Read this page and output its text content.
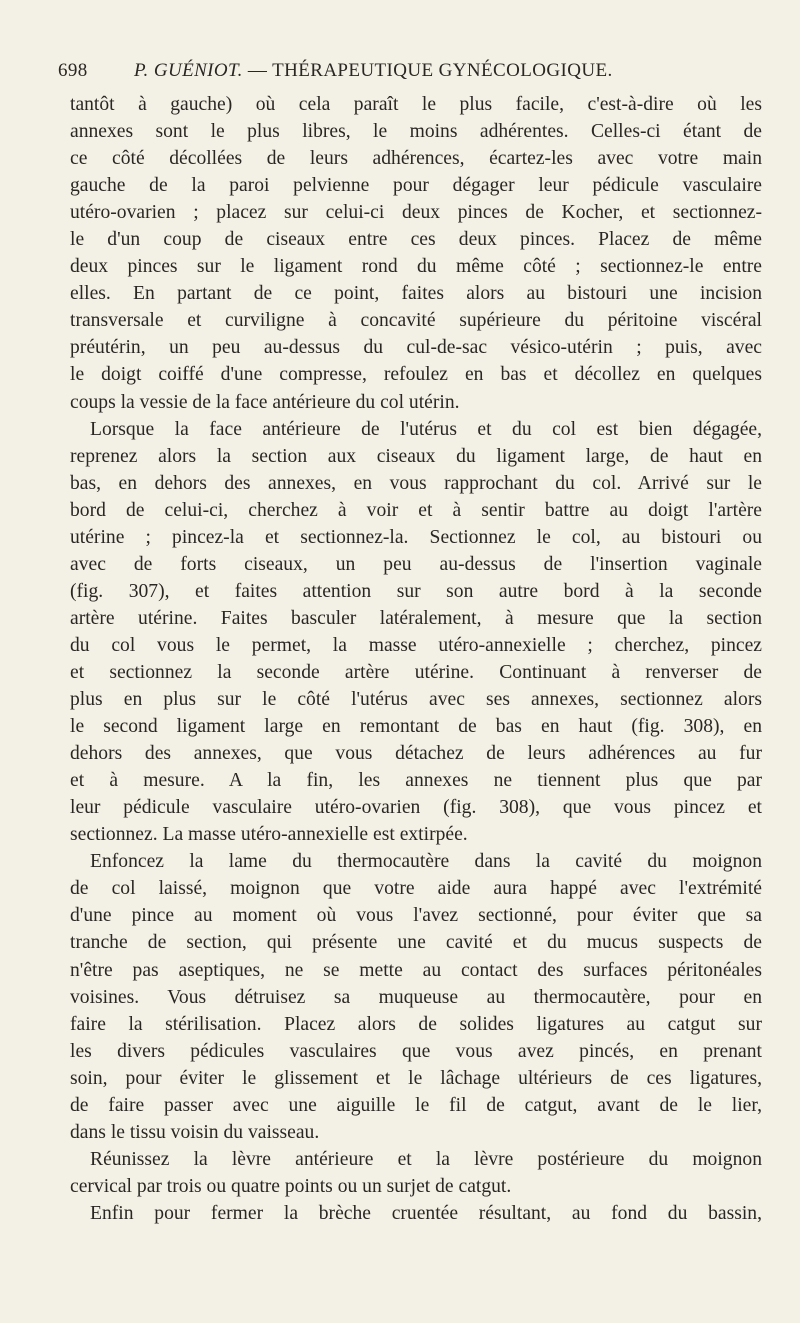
698 P. GUÉNIOT. — THÉRAPEUTIQUE GYNÉCOLOGIQUE.

tantôt à gauche) où cela paraît le plus facile, c'est-à-dire où les

annexes sont le plus libres, le moins adhérentes. Celles-ci étant de

ce côté décollées de leurs adhérences, écartez-les avec votre main

gauche de la paroi pelvienne pour dégager leur pédicule vasculaire

utéro-ovarien ; placez sur celui-ci deux pinces de Kocher, et sectionnez-

le d'un coup de ciseaux entre ces deux pinces. Placez de même

deux pinces sur le ligament rond du même côté ; sectionnez-le entre

elles. En partant de ce point, faites alors au bistouri une incision

transversale et curviligne à concavité supérieure du péritoine viscéral

préutérin, un peu au-dessus du cul-de-sac vésico-utérin ; puis, avec

le doigt coiffé d'une compresse, refoulez en bas et décollez en quelques

coups la vessie de la face antérieure du col utérin.

Lorsque la face antérieure de l'utérus et du col est bien dégagée,

reprenez alors la section aux ciseaux du ligament large, de haut en

bas, en dehors des annexes, en vous rapprochant du col. Arrivé sur le

bord de celui-ci, cherchez à voir et à sentir battre au doigt l'artère

utérine ; pincez-la et sectionnez-la. Sectionnez le col, au bistouri ou

avec de forts ciseaux, un peu au-dessus de l'insertion vaginale

(fig. 307), et faites attention sur son autre bord à la seconde

artère utérine. Faites basculer latéralement, à mesure que la section

du col vous le permet, la masse utéro-annexielle ; cherchez, pincez

et sectionnez la seconde artère utérine. Continuant à renverser de

plus en plus sur le côté l'utérus avec ses annexes, sectionnez alors

le second ligament large en remontant de bas en haut (fig. 308), en

dehors des annexes, que vous détachez de leurs adhérences au fur

et à mesure. A la fin, les annexes ne tiennent plus que par

leur pédicule vasculaire utéro-ovarien (fig. 308), que vous pincez et

sectionnez. La masse utéro-annexielle est extirpée.

Enfoncez la lame du thermocautère dans la cavité du moignon

de col laissé, moignon que votre aide aura happé avec l'extrémité

d'une pince au moment où vous l'avez sectionné, pour éviter que sa

tranche de section, qui présente une cavité et du mucus suspects de

n'être pas aseptiques, ne se mette au contact des surfaces péritonéales

voisines. Vous détruisez sa muqueuse au thermocautère, pour en

faire la stérilisation. Placez alors de solides ligatures au catgut sur

les divers pédicules vasculaires que vous avez pincés, en prenant

soin, pour éviter le glissement et le lâchage ultérieurs de ces ligatures,

de faire passer avec une aiguille le fil de catgut, avant de le lier,

dans le tissu voisin du vaisseau.

Réunissez la lèvre antérieure et la lèvre postérieure du moignon

cervical par trois ou quatre points ou un surjet de catgut.

Enfin pour fermer la brèche cruentée résultant, au fond du bassin,
